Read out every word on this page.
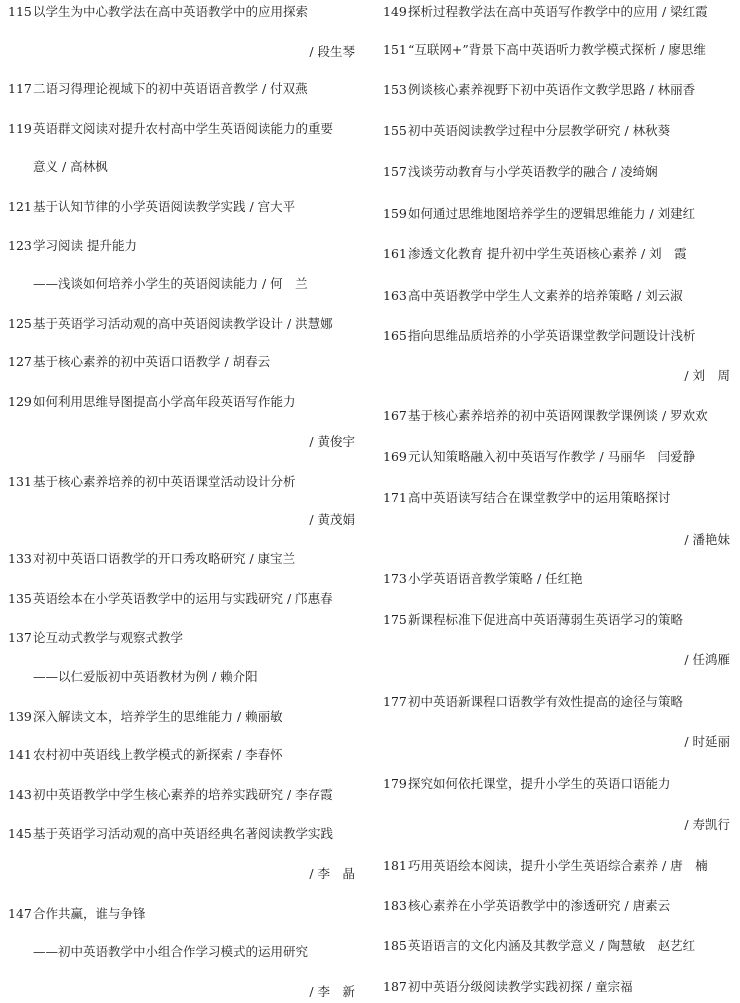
115以学生为中心教学法在高中英语教学中的应用探索
/ 段生琴
117二语习得理论视域下的初中英语语音教学 / 付双燕
119英语群文阅读对提升农村高中学生英语阅读能力的重要
意义 / 高林枫
121基于认知节律的小学英语阅读教学实践 / 宫大平
123学习阅读 提升能力
——浅谈如何培养小学生的英语阅读能力 / 何　兰
125基于英语学习活动观的高中英语阅读教学设计 / 洪慧娜
127基于核心素养的初中英语口语教学 / 胡春云
129如何利用思维导图提高小学高年段英语写作能力
/ 黄俊宇
131基于核心素养培养的初中英语课堂活动设计分析
/ 黄茂娟
133对初中英语口语教学的开口秀攻略研究 / 康宝兰
135英语绘本在小学英语教学中的运用与实践研究 / 邝惠春
137论互动式教学与观察式教学
——以仁爱版初中英语教材为例 / 赖介阳
139深入解读文本，培养学生的思维能力 / 赖丽敏
141农村初中英语线上教学模式的新探索 / 李春怀
143初中英语教学中学生核心素养的培养实践研究 / 李存霞
145基于英语学习活动观的高中英语经典名著阅读教学实践
/ 李　晶
147合作共赢，谁与争锋
——初中英语教学中小组合作学习模式的运用研究
/ 李　新
149探析过程教学法在高中英语写作教学中的应用 / 梁红霞
151“互联网+”背景下高中英语听力教学模式探析 / 廖思维
153例谈核心素养视野下初中英语作文教学思路 / 林丽香
155初中英语阅读教学过程中分层教学研究 / 林秋葵
157浅谈劳动教育与小学英语教学的融合 / 凌绮娴
159如何通过思维地图培养学生的逻辑思维能力 / 刘建红
161渗透文化教育 提升初中学生英语核心素养 / 刘　霞
163高中英语教学中学生人文素养的培养策略 / 刘云淑
165指向思维品质培养的小学英语课堂教学问题设计浅析
/ 刘　周
167基于核心素养培养的初中英语网课教学课例谈 / 罗欢欢
169元认知策略融入初中英语写作教学 / 马丽华　闫爱静
171高中英语读写结合在课堂教学中的运用策略探讨
/ 潘艳妹
173小学英语语音教学策略 / 任红艳
175新课程标准下促进高中英语薄弱生英语学习的策略
/ 任鸿雁
177初中英语新课程口语教学有效性提高的途径与策略
/ 时延丽
179探究如何依托课堂，提升小学生的英语口语能力
/ 寿凯行
181巧用英语绘本阅读，提升小学生英语综合素养 / 唐　楠
183核心素养在小学英语教学中的渗透研究 / 唐素云
185英语语言的文化内涵及其教学意义 / 陶慧敏　赵艺红
187初中英语分级阅读教学实践初探 / 童宗福
